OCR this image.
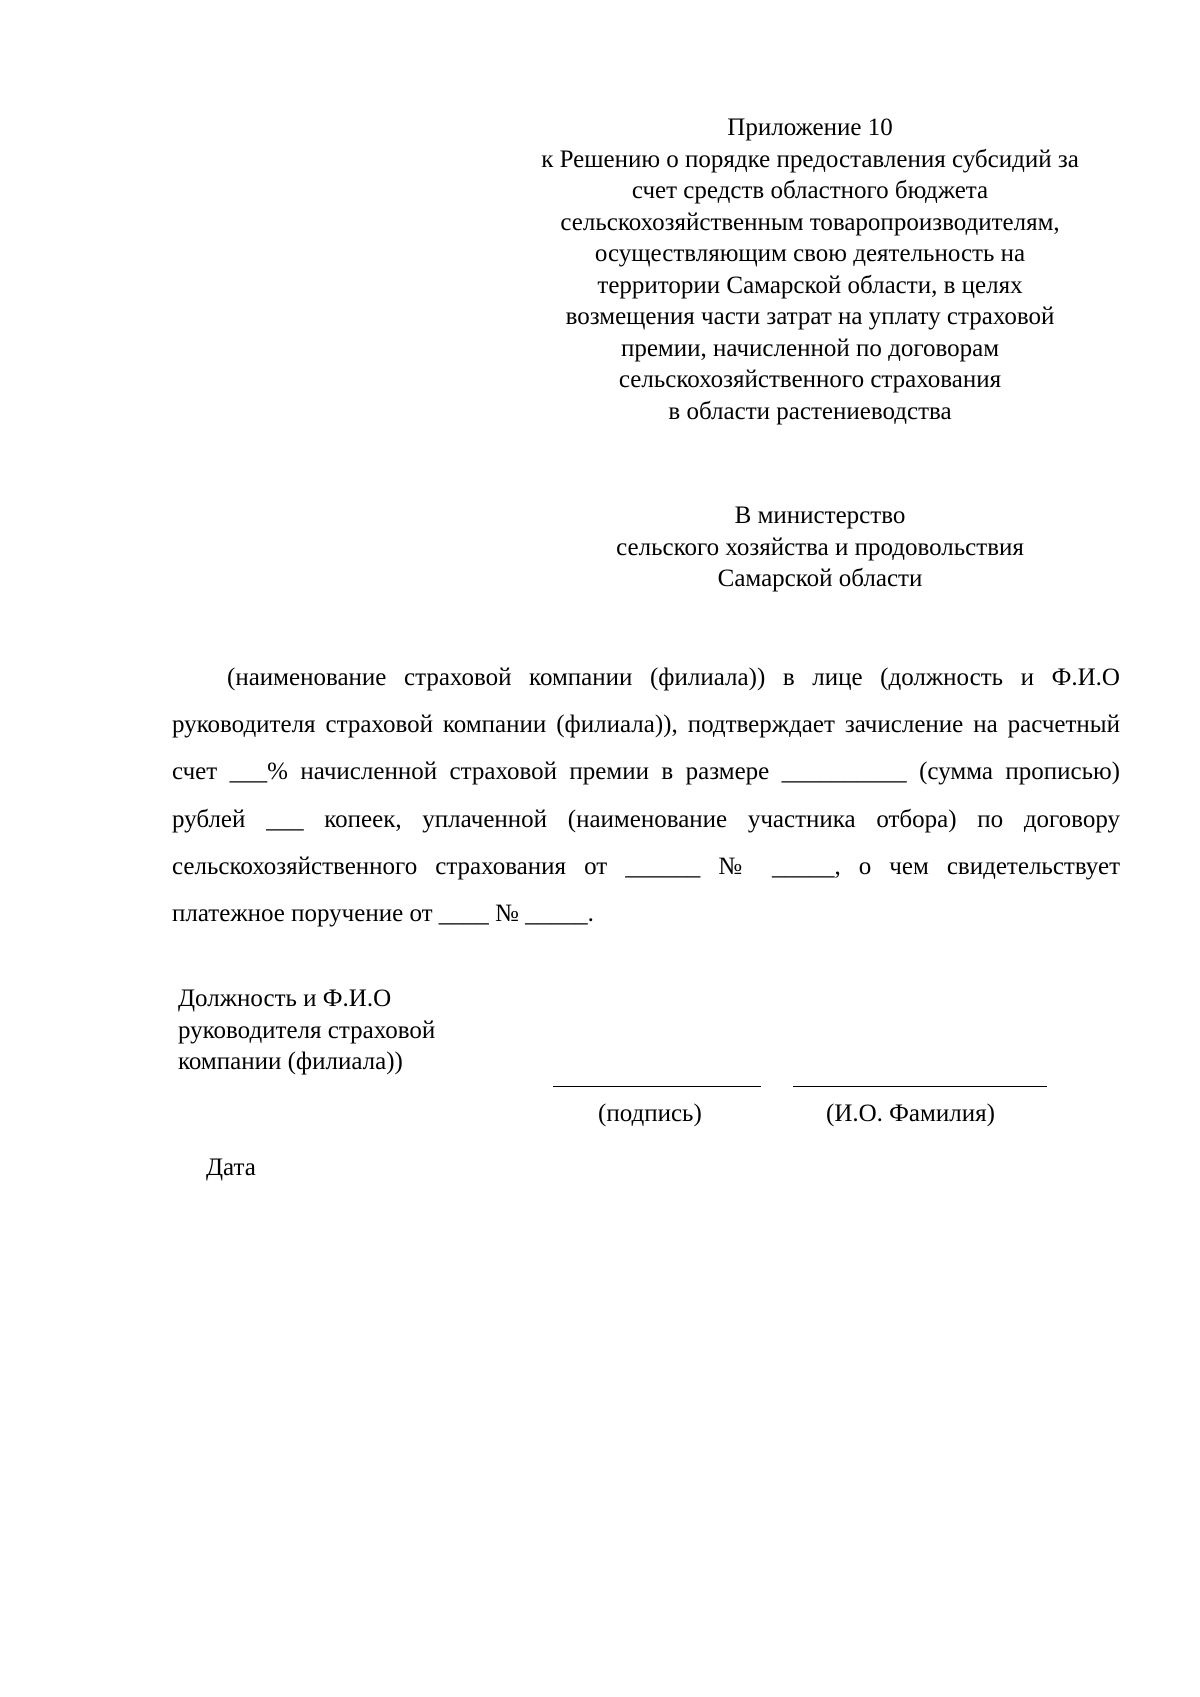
Приложение 10
к Решению о порядке предоставления субсидий за
счет средств областного бюджета
сельскохозяйственным товаропроизводителям,
осуществляющим свою деятельность на
территории Самарской области, в целях
возмещения части затрат на уплату страховой
премии, начисленной по договорам
сельскохозяйственного страхования
в области растениеводства
В министерство
сельского хозяйства и продовольствия
Самарской области

(наименование страховой компании (филиала)) в лице (должность и Ф.И.О руководителя страховой компании (филиала)), подтверждает зачисление на расчетный счет ___% начисленной страховой премии в размере __________ (сумма прописью) рублей ___ копеек, уплаченной (наименование участника отбора) по договору сельскохозяйственного страхования от ______ № _____, о чем свидетельствует платежное поручение от ____ № _____.

Должность и Ф.И.О
руководителя страховой
компании (филиала))
(подпись)	(И.О. Фамилия)
Дата
